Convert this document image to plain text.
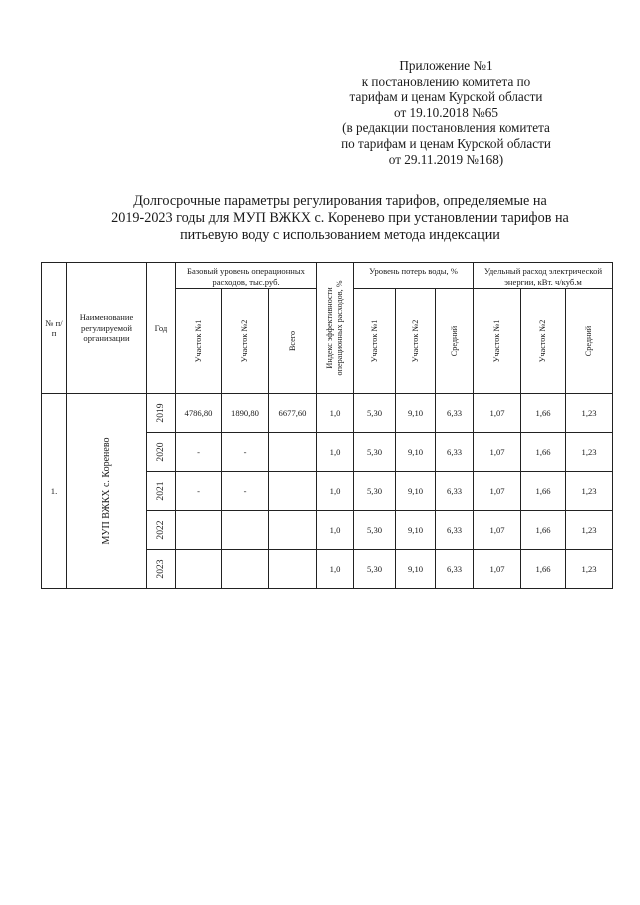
Приложение №1
к постановлению комитета по
тарифам и ценам Курской области
от 19.10.2018 №65
(в редакции постановления комитета
по тарифам и ценам Курской области
от 29.11.2019 №168)
Долгосрочные параметры регулирования тарифов, определяемые на
2019-2023 годы для МУП ВЖКХ с. Коренево при установлении тарифов на
питьевую воду с использованием метода индексации
№ п/ п	Наименование регулируемой организации	Год	Базовый уровень операционных расходов, тыс.руб.			Индекс эффективности операционных расходов, %	Уровень потерь воды, %			Удельный расход электрической энергии, кВт. ч/куб.м		

			Участок №1	Участок №2	Всего		Участок №1	Участок №2	Средний	Участок №1	Участок №2	Средний

1.	МУП ВЖКХ с. Коренево	2019	4786,80	1890,80	6677,60	1,0	5,30	9,10	6,33	1,07	1,66	1,23

		2020	-	-		1,0	5,30	9,10	6,33	1,07	1,66	1,23

		2021	-	-		1,0	5,30	9,10	6,33	1,07	1,66	1,23

		2022				1,0	5,30	9,10	6,33	1,07	1,66	1,23

		2023				1,0	5,30	9,10	6,33	1,07	1,66	1,23
